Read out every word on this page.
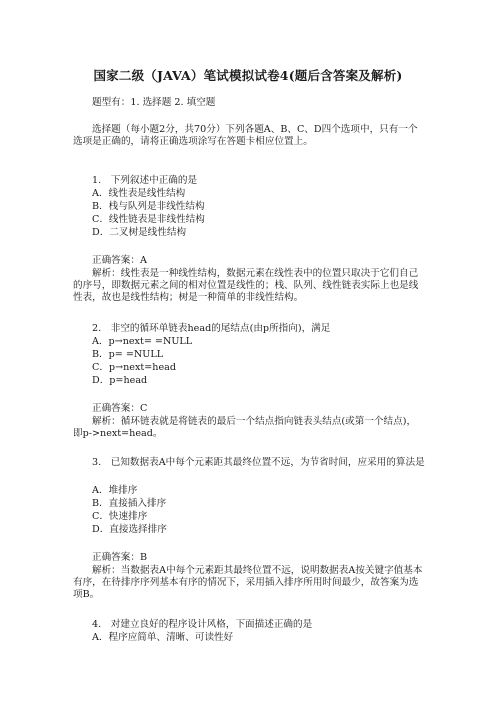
国家二级（JAVA）笔试模拟试卷4(题后含答案及解析)
题型有：1. 选择题 2. 填空题
选择题（每小题2分，共70分）下列各题A、B、C、D四个选项中，只有一个选项是正确的，请将正确选项涂写在答题卡相应位置上。
1.　下列叙述中正确的是
A．线性表是线性结构
B．栈与队列是非线性结构
C．线性链表是非线性结构
D．二叉树是线性结构
正确答案：A
解析：线性表是一种线性结构，数据元素在线性表中的位置只取决于它们自己的序号，即数据元素之间的相对位置是线性的；栈、队列、线性链表实际上也是线性表，故也是线性结构；树是一种简单的非线性结构。
2.　非空的循环单链表head的尾结点(由p所指向)，满足
A．p→next= =NULL
B．p= =NULL
C．p→next=head
D．p=head
正确答案：C
解析：循环链表就是将链表的最后一个结点指向链表头结点(或第一个结点)，即p->next=head。
3.　已知数据表A中每个元素距其最终位置不远，为节省时间，应采用的算法是
A．堆排序
B．直接插入排序
C．快速排序
D．直接选择排序
正确答案：B
解析：当数据表A中每个元素距其最终位置不远，说明数据表A按关键字值基本有序，在待排序序列基本有序的情况下，采用插入排序所用时间最少，故答案为选项B。
4.　对建立良好的程序设计风格，下面描述正确的是
A．程序应简单、清晰、可读性好
